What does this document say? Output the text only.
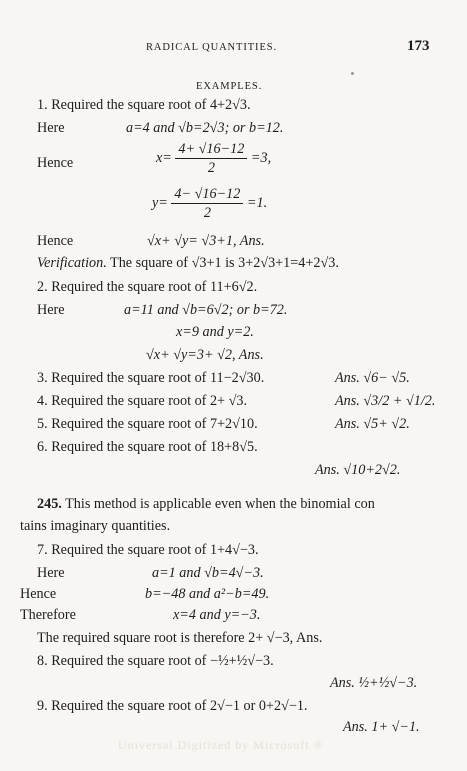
RADICAL QUANTITIES.	173
EXAMPLES.
1. Required the square root of 4+2√3.
Here	a=4 and √b=2√3; or b=12.
Hence	$x= \frac{4+ √16-12}{2} =3$,
$y= \frac{4- √16-12}{2} =1$.
Hence	√x+ √y= √3+1, Ans.
Verification. The square of √3+1 is 3+2√3+1=4+2√3.
2. Required the square root of 11+6√2.
Here	a=11 and √b=6√2; or b=72.
x=9 and y=2.
√x+ √y=3+ √2, Ans.
3. Required the square root of 11−2√30.	Ans. √6− √5.
4. Required the square root of 2+ √3.	Ans. √3/2 + √1/2.
5. Required the square root of 7+2√10.	Ans. √5+ √2.
6. Required the square root of 18+8√5.
Ans. √10+2√2.
245. This method is applicable even when the binomial con
tains imaginary quantities.
7. Required the square root of 1+4√−3.
Here	a=1 and √b=4√−3.
Hence	b=−48 and a²−b=49.
Therefore	x=4 and y=−3.
The required square root is therefore 2+ √−3, Ans.
8. Required the square root of −½+½√−3.
Ans. ½+½√−3.
9. Required the square root of 2√−1 or 0+2√−1.
Ans. 1+ √−1.
Universal Digitized by Microsoft ®
